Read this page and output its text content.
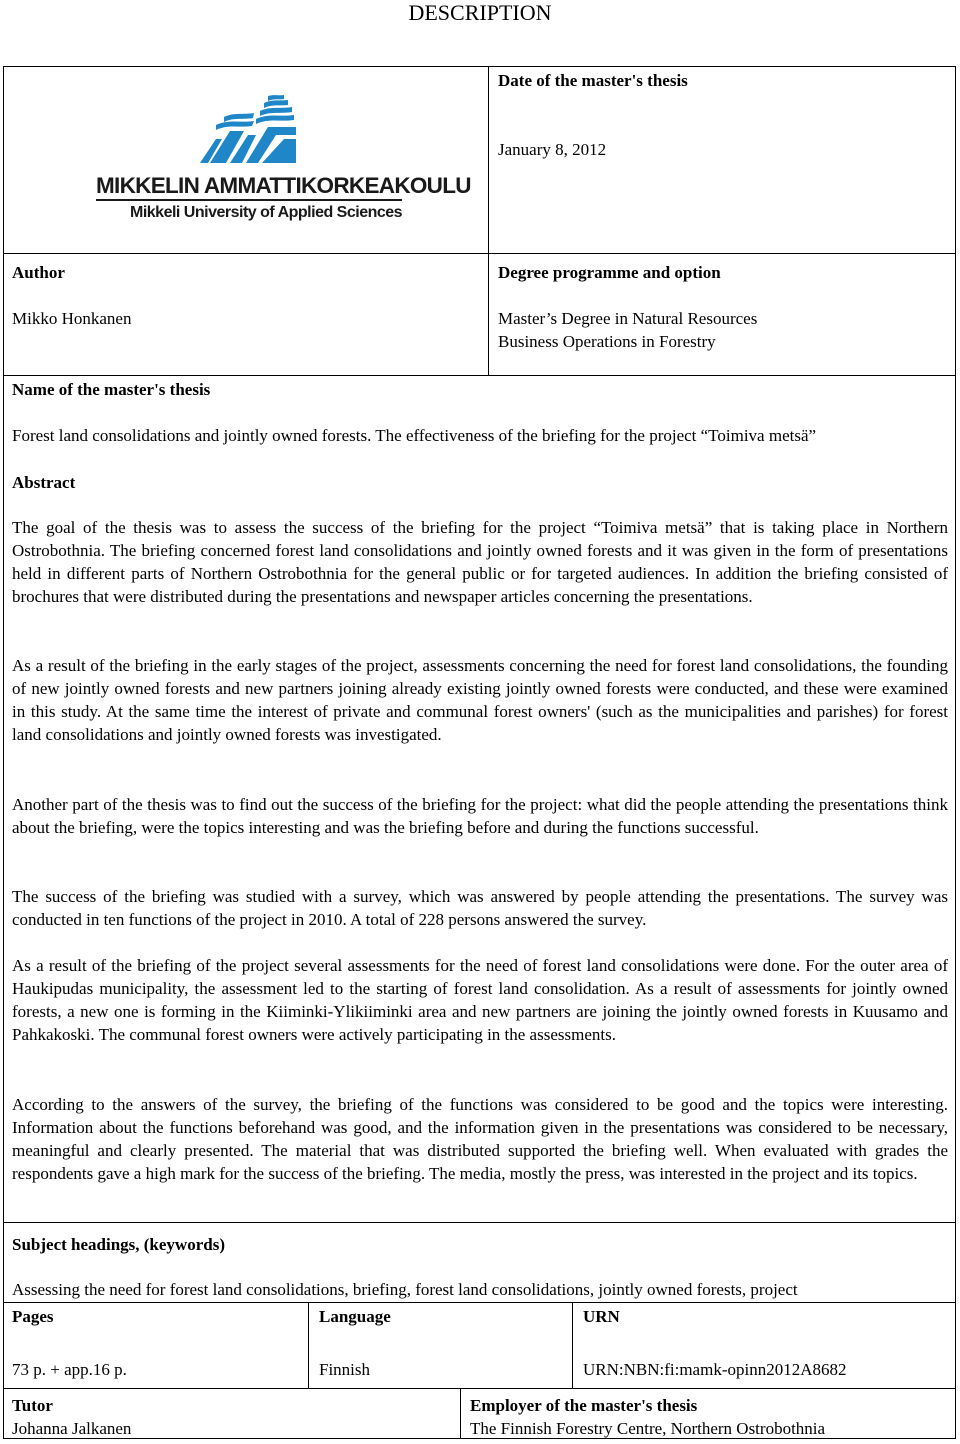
DESCRIPTION
MIKKELIN AMMATTIKORKEAKOULU
Mikkeli University of Applied Sciences
Date of the master's thesis
January 8, 2012
Author
Mikko Honkanen
Degree programme and option
Master’s Degree in Natural Resources
Business Operations in Forestry
Name of the master's thesis
Forest land consolidations and jointly owned forests. The effectiveness of the briefing for the project “Toimiva metsä”
Abstract
The goal of the thesis was to assess the success of the briefing for the project “Toimiva metsä” that is taking place in Northern Ostrobothnia. The briefing concerned forest land consolidations and jointly owned forests and it was given in the form of presentations held in different parts of Northern Ostrobothnia for the general public or for targeted audiences. In addition the briefing consisted of brochures that were distributed during the presentations and newspaper articles concerning the presentations.
As a result of the briefing in the early stages of the project, assessments concerning the need for forest land consolidations, the founding of new jointly owned forests and new partners joining already existing jointly owned forests were conducted, and these were examined in this study. At the same time the interest of private and communal forest owners' (such as the municipalities and parishes) for forest land consolidations and jointly owned forests was investigated.
Another part of the thesis was to find out the success of the briefing for the project: what did the people attending the presentations think about the briefing, were the topics interesting and was the briefing before and during the functions successful.
The success of the briefing was studied with a survey, which was answered by people attending the presentations. The survey was conducted in ten functions of the project in 2010. A total of 228 persons answered the survey.
As a result of the briefing of the project several assessments for the need of forest land consolidations were done. For the outer area of Haukipudas municipality, the assessment led to the starting of forest land consolidation. As a result of assessments for jointly owned forests, a new one is forming in the Kiiminki-Ylikiiminki area and new partners are joining the jointly owned forests in Kuusamo and Pahkakoski. The communal forest owners were actively participating in the assessments.
According to the answers of the survey, the briefing of the functions was considered to be good and the topics were interesting. Information about the functions beforehand was good, and the information given in the presentations was considered to be necessary, meaningful and clearly presented. The material that was distributed supported the briefing well. When evaluated with grades the respondents gave a high mark for the success of the briefing. The media, mostly the press, was interested in the project and its topics.
Subject headings, (keywords)
Assessing the need for forest land consolidations, briefing, forest land consolidations, jointly owned forests, project
Pages
73 p. + app.16 p.
Language
Finnish
URN
URN:NBN:fi:mamk-opinn2012A8682
Tutor
Johanna Jalkanen
Employer of the master's thesis
The Finnish Forestry Centre, Northern Ostrobothnia
